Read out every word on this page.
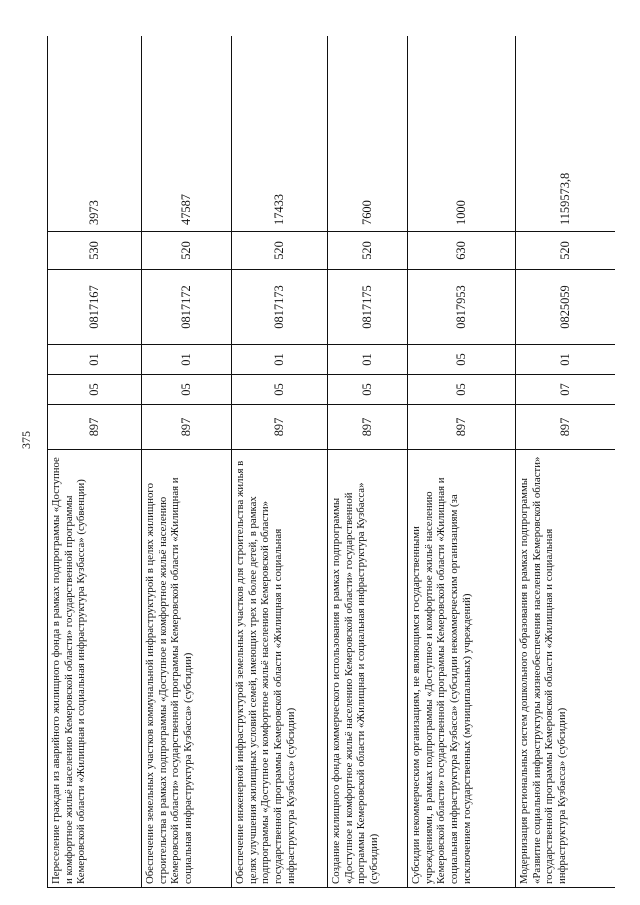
375
Переселение граждан из аварийного жилищного фонда в рамках подпрограммы «Доступное и комфортное жильё населению Кемеровской области» государственной программы Кемеровской области «Жилищная и социальная инфраструктура Кузбасса» (субвенции)	897	05	01	0817167	530	3973
Обеспечение земельных участков коммунальной инфраструктурой в целях жилищного строительства в рамках подпрограммы «Доступное и комфортное жильё населению Кемеровской области» государственной программы Кемеровской области «Жилищная и социальная инфраструктура Кузбасса» (субсидии)	897	05	01	0817172	520	47587
Обеспечение инженерной инфраструктурой земельных участков для строительства жилья в целях улучшения жилищных условий семей, имеющих трех и более детей, в рамках подпрограммы «Доступное и комфортное жильё населению Кемеровской области» государственной программы Кемеровской области «Жилищная и социальная инфраструктура Кузбасса» (субсидии)	897	05	01	0817173	520	17433
Создание жилищного фонда коммерческого использования в рамках подпрограммы «Доступное и комфортное жильё населению Кемеровской области» государственной программы Кемеровской области «Жилищная и социальная инфраструктура Кузбасса» (субсидии)	897	05	01	0817175	520	7600
Субсидии некоммерческим организациям, не являющимся государственными учреждениями, в рамках подпрограммы «Доступное и комфортное жильё населению Кемеровской области» государственной программы Кемеровской области «Жилищная и социальная инфраструктура Кузбасса» (субсидии некоммерческим организациям (за исключением государственных (муниципальных) учреждений)	897	05	05	0817953	630	1000
Модернизация региональных систем дошкольного образования в рамках подпрограммы «Развитие социальной инфраструктуры жизнеобеспечения населения Кемеровской области» государственной программы Кемеровской области «Жилищная и социальная инфраструктура Кузбасса» (субсидии)	897	07	01	0825059	520	1159573,8
